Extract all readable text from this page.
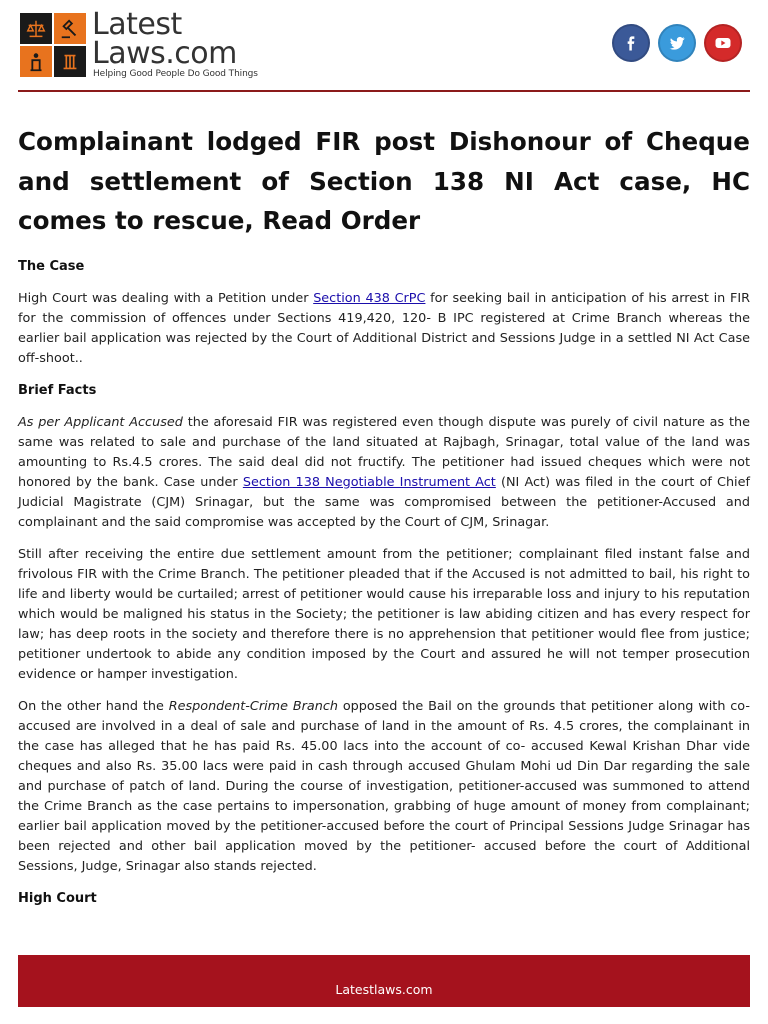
Latest
Laws.com
Helping Good People Do Good Things
Complainant lodged FIR post Dishonour of Cheque and settlement of Section 138 NI Act case, HC comes to rescue, Read Order
The Case

High Court was dealing with a Petition under Section 438 CrPC for seeking bail in anticipation of his arrest in FIR for the commission of offences under Sections 419,420, 120- B IPC registered at Crime Branch whereas the earlier bail application was rejected by the Court of Additional District and Sessions Judge in a settled NI Act Case off-shoot..

Brief Facts

As per Applicant Accused the aforesaid FIR was registered even though dispute was purely of civil nature as the same was related to sale and purchase of the land situated at Rajbagh, Srinagar, total value of the land was amounting to Rs.4.5 crores. The said deal did not fructify. The petitioner had issued cheques which were not honored by the bank. Case under Section 138 Negotiable Instrument Act (NI Act) was filed in the court of Chief Judicial Magistrate (CJM) Srinagar, but the same was compromised between the petitioner-Accused and complainant and the said compromise was accepted by the Court of CJM, Srinagar.

Still after receiving the entire due settlement amount from the petitioner; complainant filed instant false and frivolous FIR with the Crime Branch. The petitioner pleaded that if the Accused is not admitted to bail, his right to life and liberty would be curtailed; arrest of petitioner would cause his irreparable loss and injury to his reputation which would be maligned his status in the Society; the petitioner is law abiding citizen and has every respect for law; has deep roots in the society and therefore there is no apprehension that petitioner would flee from justice; petitioner undertook to abide any condition imposed by the Court and assured he will not temper prosecution evidence or hamper investigation.

On the other hand the Respondent-Crime Branch opposed the Bail on the grounds that petitioner along with co-accused are involved in a deal of sale and purchase of land in the amount of Rs. 4.5 crores, the complainant in the case has alleged that he has paid Rs. 45.00 lacs into the account of co- accused Kewal Krishan Dhar vide cheques and also Rs. 35.00 lacs were paid in cash through accused Ghulam Mohi ud Din Dar regarding the sale and purchase of patch of land. During the course of investigation, petitioner-accused was summoned to attend the Crime Branch as the case pertains to impersonation, grabbing of huge amount of money from complainant; earlier bail application moved by the petitioner-accused before the court of Principal Sessions Judge Srinagar has been rejected and other bail application moved by the petitioner- accused before the court of Additional Sessions, Judge, Srinagar also stands rejected.

High Court
Latestlaws.com
